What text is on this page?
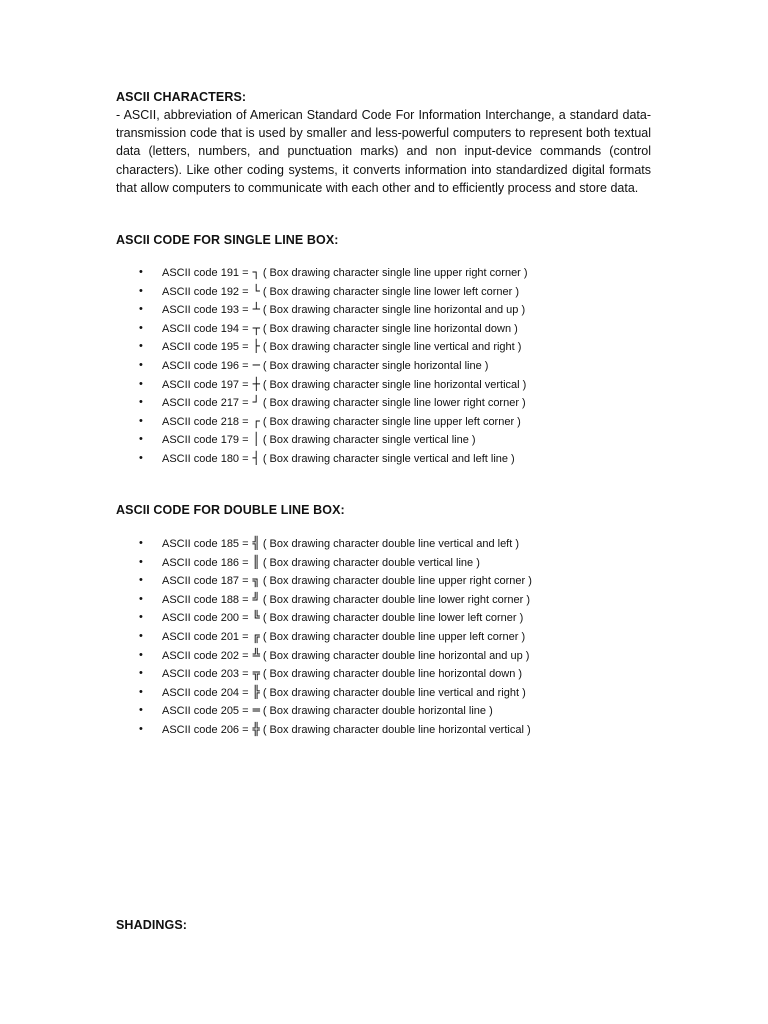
ASCII CHARACTERS:

- ASCII, abbreviation of American Standard Code For Information Interchange, a standard data-transmission code that is used by smaller and less-powerful computers to represent both textual data (letters, numbers, and punctuation marks) and non input-device commands (control characters). Like other coding systems, it converts information into standardized digital formats that allow computers to communicate with each other and to efficiently process and store data.

ASCII CODE FOR SINGLE LINE BOX:
• ASCII code 191 = ┐ ( Box drawing character single line upper right corner )
• ASCII code 192 = └ ( Box drawing character single line lower left corner )
• ASCII code 193 = ┴ ( Box drawing character single line horizontal and up )
• ASCII code 194 = ┬ ( Box drawing character single line horizontal down )
• ASCII code 195 = ├ ( Box drawing character single line vertical and right )
• ASCII code 196 = ─ ( Box drawing character single horizontal line )
• ASCII code 197 = ┼ ( Box drawing character single line horizontal vertical )
• ASCII code 217 = ┘ ( Box drawing character single line lower right corner )
• ASCII code 218 = ┌ ( Box drawing character single line upper left corner )
• ASCII code 179 = │ ( Box drawing character single vertical line )
• ASCII code 180 = ┤ ( Box drawing character single vertical and left line )
ASCII CODE FOR DOUBLE LINE BOX:
• ASCII code 185 = ╣ ( Box drawing character double line vertical and left )
• ASCII code 186 = ║ ( Box drawing character double vertical line )
• ASCII code 187 = ╗ ( Box drawing character double line upper right corner )
• ASCII code 188 = ╝ ( Box drawing character double line lower right corner )
• ASCII code 200 = ╚ ( Box drawing character double line lower left corner )
• ASCII code 201 = ╔ ( Box drawing character double line upper left corner )
• ASCII code 202 = ╩ ( Box drawing character double line horizontal and up )
• ASCII code 203 = ╦ ( Box drawing character double line horizontal down )
• ASCII code 204 = ╠ ( Box drawing character double line vertical and right )
• ASCII code 205 = ═ ( Box drawing character double horizontal line )
• ASCII code 206 = ╬ ( Box drawing character double line horizontal vertical )
SHADINGS:
